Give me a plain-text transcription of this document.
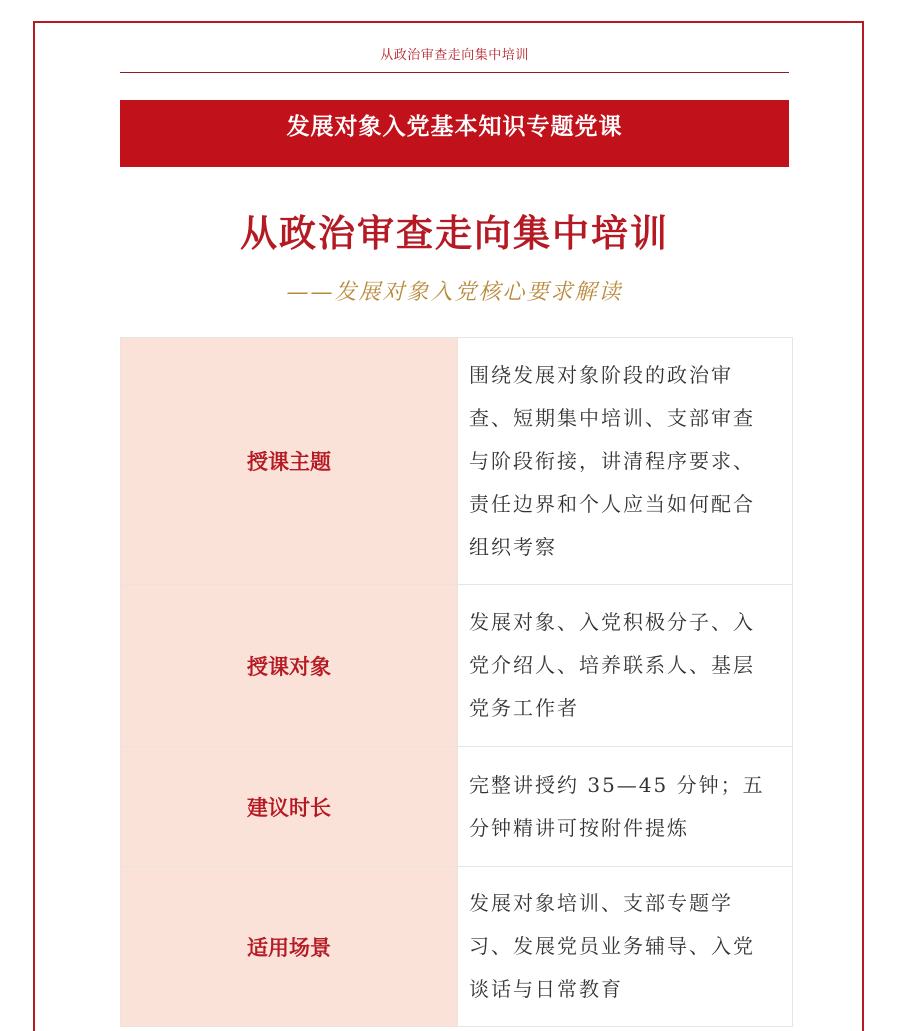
从政治审查走向集中培训
发展对象入党基本知识专题党课
从政治审查走向集中培训
——发展对象入党核心要求解读
授课主题	围绕发展对象阶段的政治审查、短期集中培训、支部审查与阶段衔接，讲清程序要求、责任边界和个人应当如何配合组织考察
授课对象	发展对象、入党积极分子、入党介绍人、培养联系人、基层党务工作者
建议时长	完整讲授约 35—45 分钟；五分钟精讲可按附件提炼
适用场景	发展对象培训、支部专题学习、发展党员业务辅导、入党谈话与日常教育
